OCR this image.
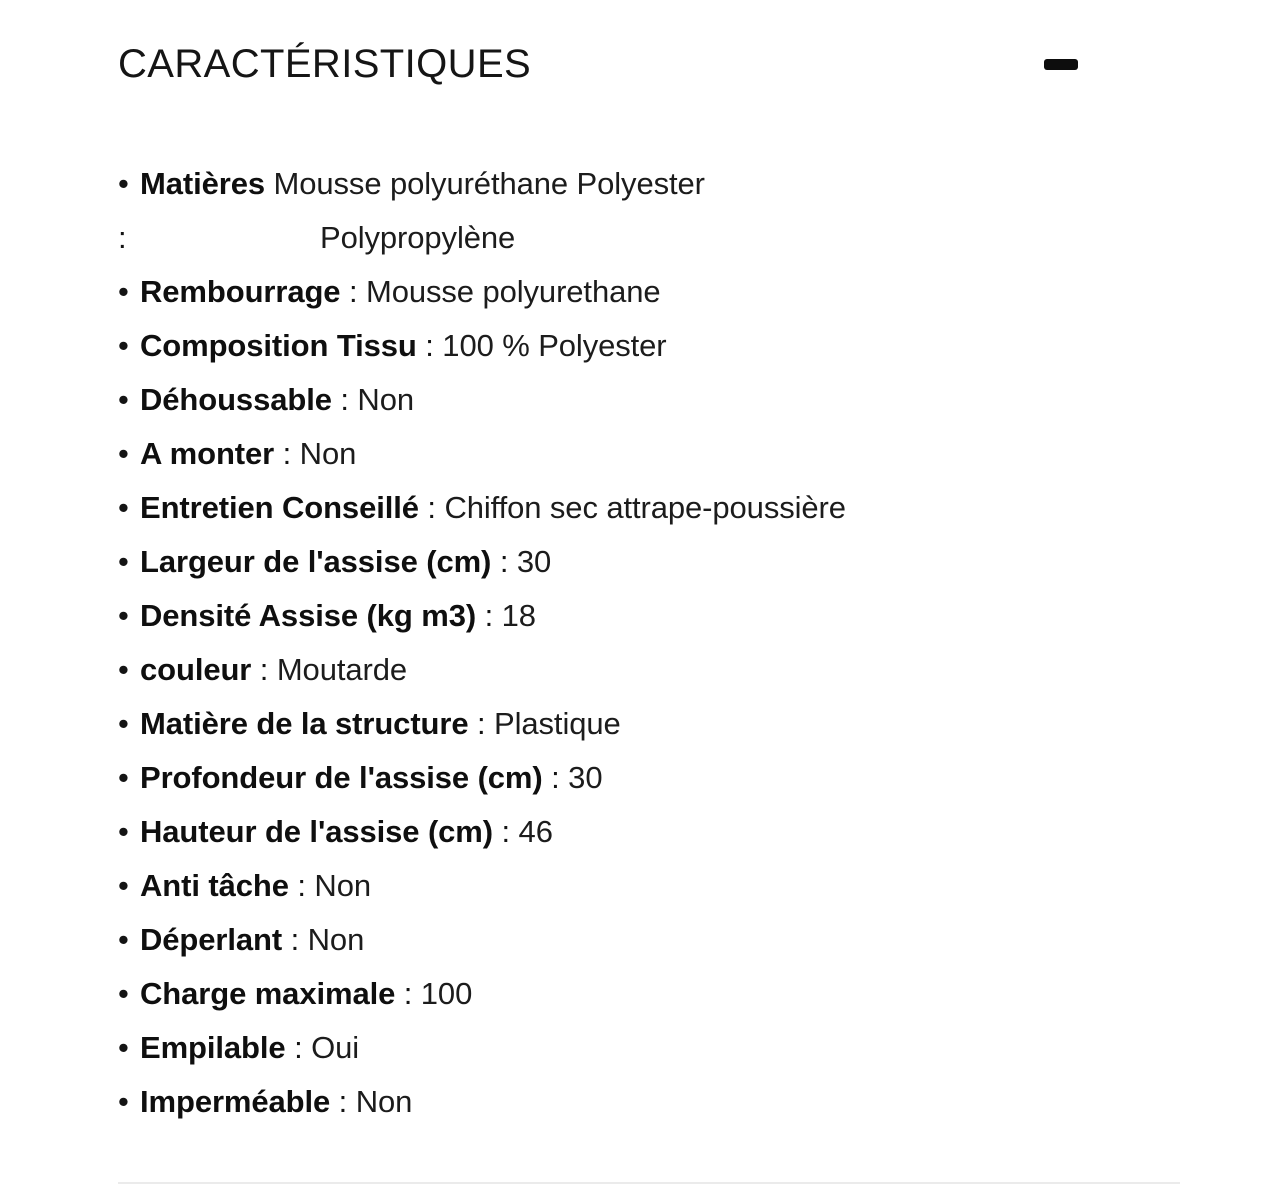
CARACTÉRISTIQUES
• Matières Mousse polyuréthane Polyester
:	Polypropylène
• Rembourrage : Mousse polyurethane
• Composition Tissu : 100 % Polyester
• Déhoussable : Non
• A monter : Non
• Entretien Conseillé : Chiffon sec attrape-poussière
• Largeur de l'assise (cm) : 30
• Densité Assise (kg m3) : 18
• couleur : Moutarde
• Matière de la structure : Plastique
• Profondeur de l'assise (cm) : 30
• Hauteur de l'assise (cm) : 46
• Anti tâche : Non
• Déperlant : Non
• Charge maximale : 100
• Empilable : Oui
• Imperméable : Non
